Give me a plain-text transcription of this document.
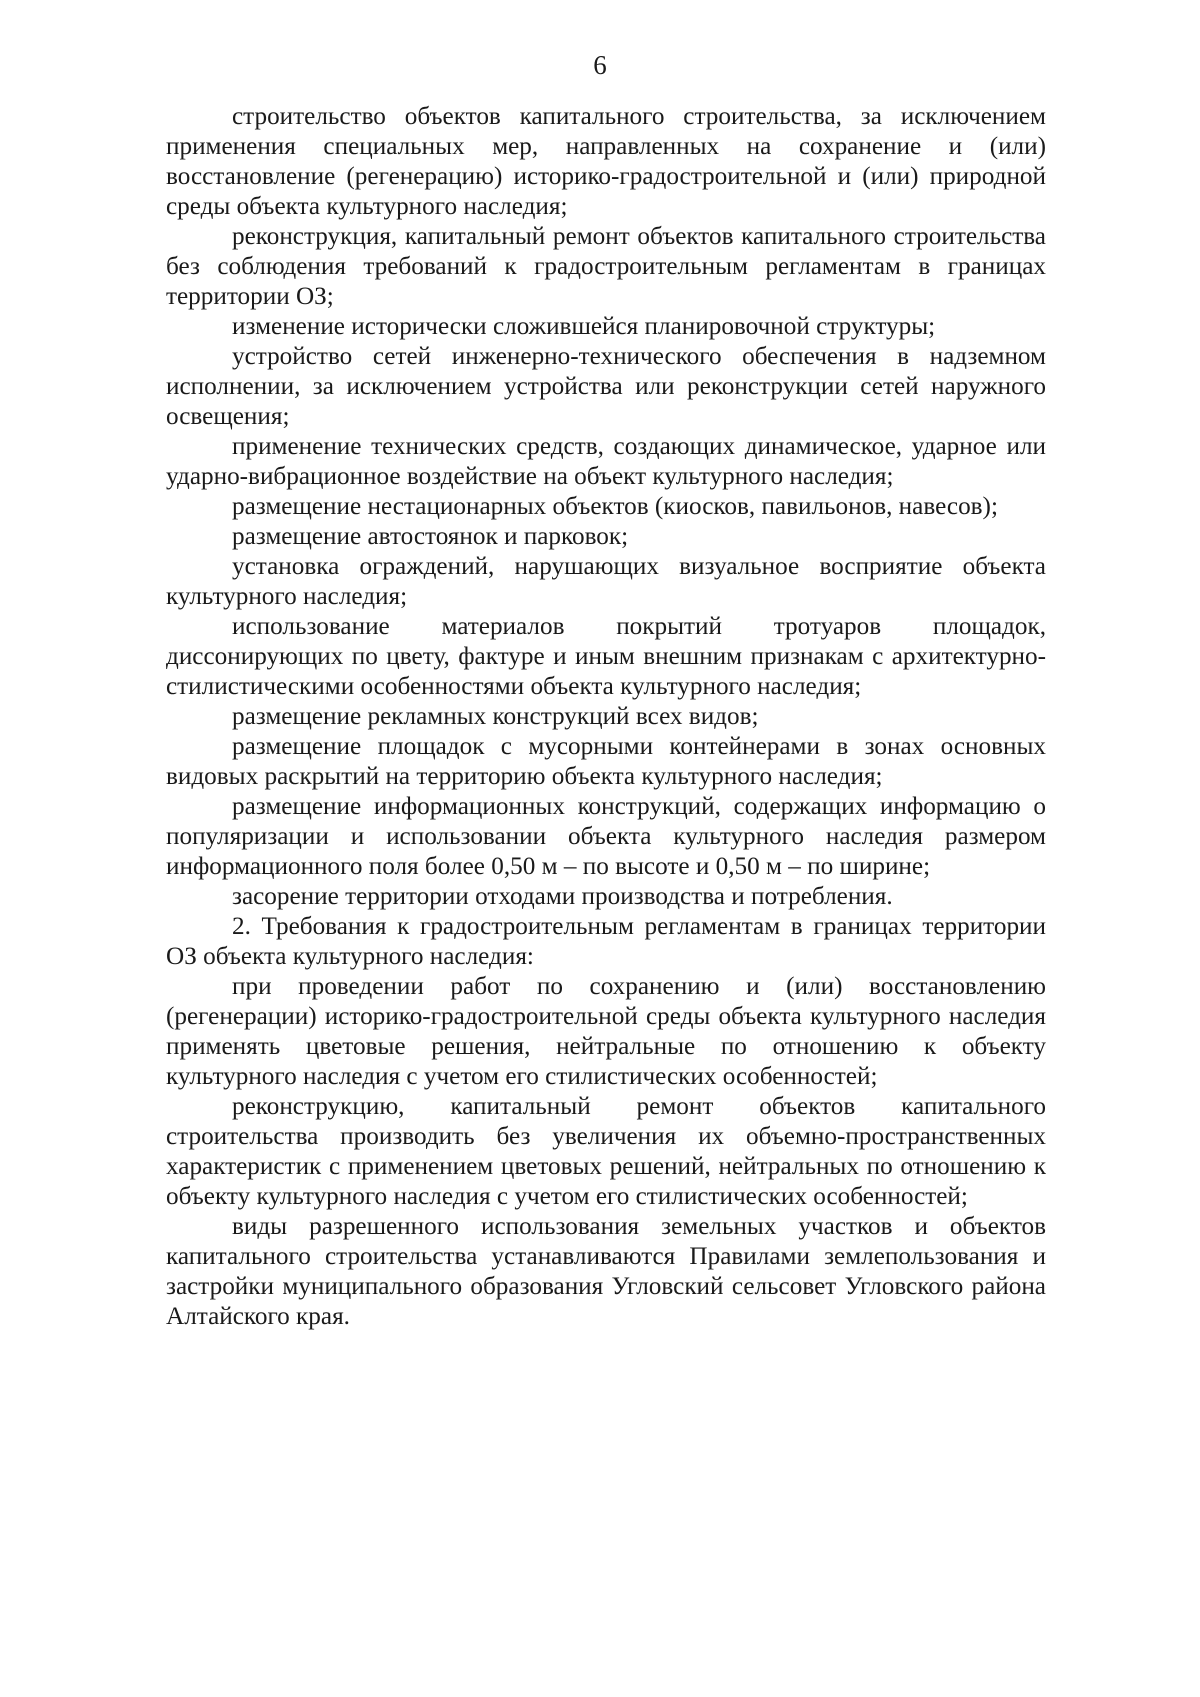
6

строительство объектов капитального строительства, за исключением применения специальных мер, направленных на сохранение и (или) восстановление (регенерацию) историко-градостроительной и (или) природной среды объекта культурного наследия;

реконструкция, капитальный ремонт объектов капитального строительства без соблюдения требований к градостроительным регламентам в границах территории ОЗ;

изменение исторически сложившейся планировочной структуры;

устройство сетей инженерно-технического обеспечения в надземном исполнении, за исключением устройства или реконструкции сетей наружного освещения;

применение технических средств, создающих динамическое, ударное или ударно-вибрационное воздействие на объект культурного наследия;

размещение нестационарных объектов (киосков, павильонов, навесов);

размещение автостоянок и парковок;

установка ограждений, нарушающих визуальное восприятие объекта культурного наследия;

использование материалов покрытий тротуаров площадок, диссонирующих по цвету, фактуре и иным внешним признакам с архитектурно-стилистическими особенностями объекта культурного наследия;

размещение рекламных конструкций всех видов;

размещение площадок с мусорными контейнерами в зонах основных видовых раскрытий на территорию объекта культурного наследия;

размещение информационных конструкций, содержащих информацию о популяризации и использовании объекта культурного наследия размером информационного поля более 0,50 м – по высоте и 0,50 м – по ширине;

засорение территории отходами производства и потребления.

2. Требования к градостроительным регламентам в границах территории ОЗ объекта культурного наследия:

при проведении работ по сохранению и (или) восстановлению (регенерации) историко-градостроительной среды объекта культурного наследия применять цветовые решения, нейтральные по отношению к объекту культурного наследия с учетом его стилистических особенностей;

реконструкцию, капитальный ремонт объектов капитального строительства производить без увеличения их объемно-пространственных характеристик с применением цветовых решений, нейтральных по отношению к объекту культурного наследия с учетом его стилистических особенностей;

виды разрешенного использования земельных участков и объектов капитального строительства устанавливаются Правилами землепользования и застройки муниципального образования Угловский сельсовет Угловского района Алтайского края.
